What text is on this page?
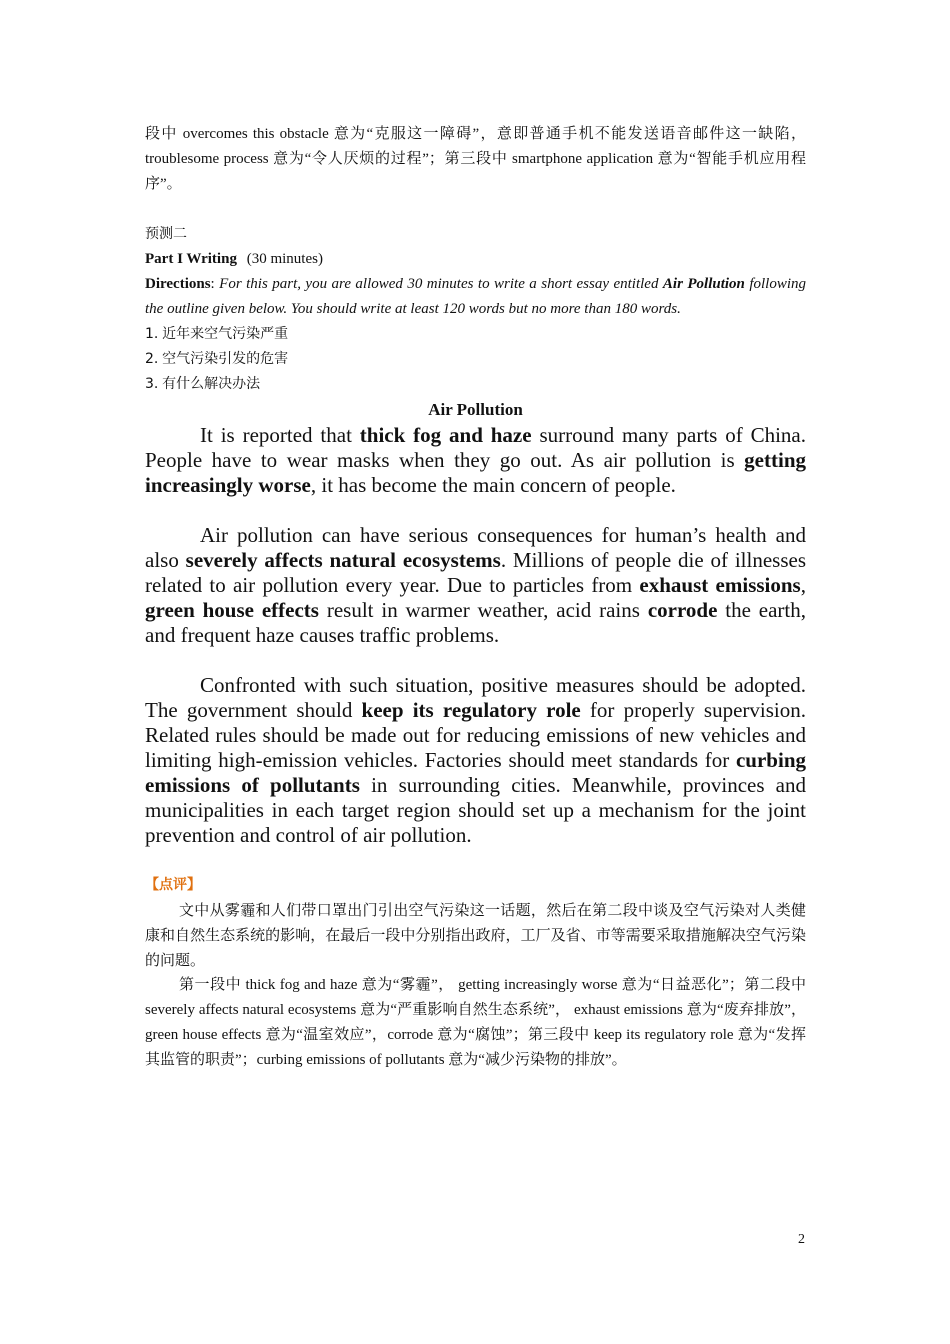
段中 overcomes this obstacle 意为“克服这一障碍”，意即普通手机不能发送语音邮件这一缺陷，troublesome process 意为“令人厌烦的过程”；第三段中 smartphone application 意为“智能手机应用程序”。

预测二
Part I Writing (30 minutes)

Directions: For this part, you are allowed 30 minutes to write a short essay entitled Air Pollution following the outline given below. You should write at least 120 words but no more than 180 words.

1. 近年来空气污染严重
2. 空气污染引发的危害
3. 有什么解决办法

Air Pollution

It is reported that thick fog and haze surround many parts of China. People have to wear masks when they go out. As air pollution is getting increasingly worse, it has become the main concern of people.

Air pollution can have serious consequences for human’s health and also severely affects natural ecosystems. Millions of people die of illnesses related to air pollution every year. Due to particles from exhaust emissions, green house effects result in warmer weather, acid rains corrode the earth, and frequent haze causes traffic problems.

Confronted with such situation, positive measures should be adopted. The government should keep its regulatory role for properly supervision. Related rules should be made out for reducing emissions of new vehicles and limiting high-emission vehicles. Factories should meet standards for curbing emissions of pollutants in surrounding cities. Meanwhile, provinces and municipalities in each target region should set up a mechanism for the joint prevention and control of air pollution.

【点评】

文中从雾霾和人们带口罩出门引出空气污染这一话题，然后在第二段中谈及空气污染对人类健康和自然生态系统的影响，在最后一段中分别指出政府，工厂及省、市等需要采取措施解决空气污染的问题。

第一段中 thick fog and haze 意为“雾霾”， getting increasingly worse 意为“日益恶化”；第二段中 severely affects natural ecosystems 意为“严重影响自然生态系统”， exhaust emissions 意为“废弃排放”，green house effects 意为“温室效应”，corrode 意为“腐蚀”；第三段中 keep its regulatory role 意为“发挥其监管的职责”；curbing emissions of pollutants 意为“减少污染物的排放”。

2
